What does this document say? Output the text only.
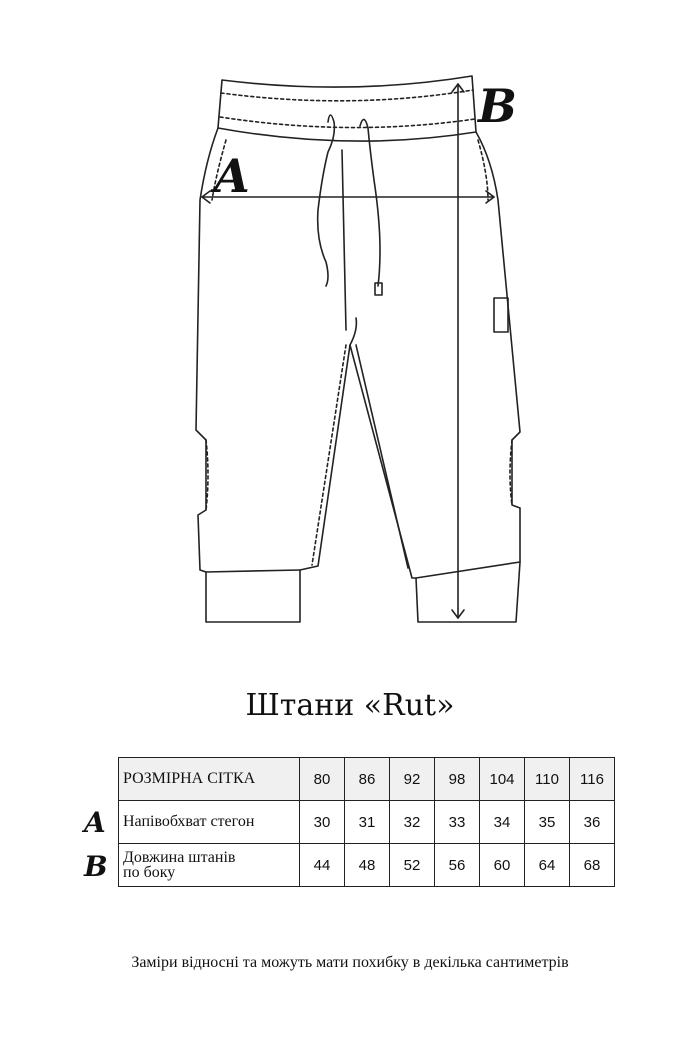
A
B
Штани «Rut»
A
B
РОЗМІРНА СІТКА	80	86	92	98	104	110	116
Напівобхват стегон	30	31	32	33	34	35	36
Довжина штанів
по боку	44	48	52	56	60	64	68
Заміри відносні та можуть мати похибку в декілька сантиметрів
